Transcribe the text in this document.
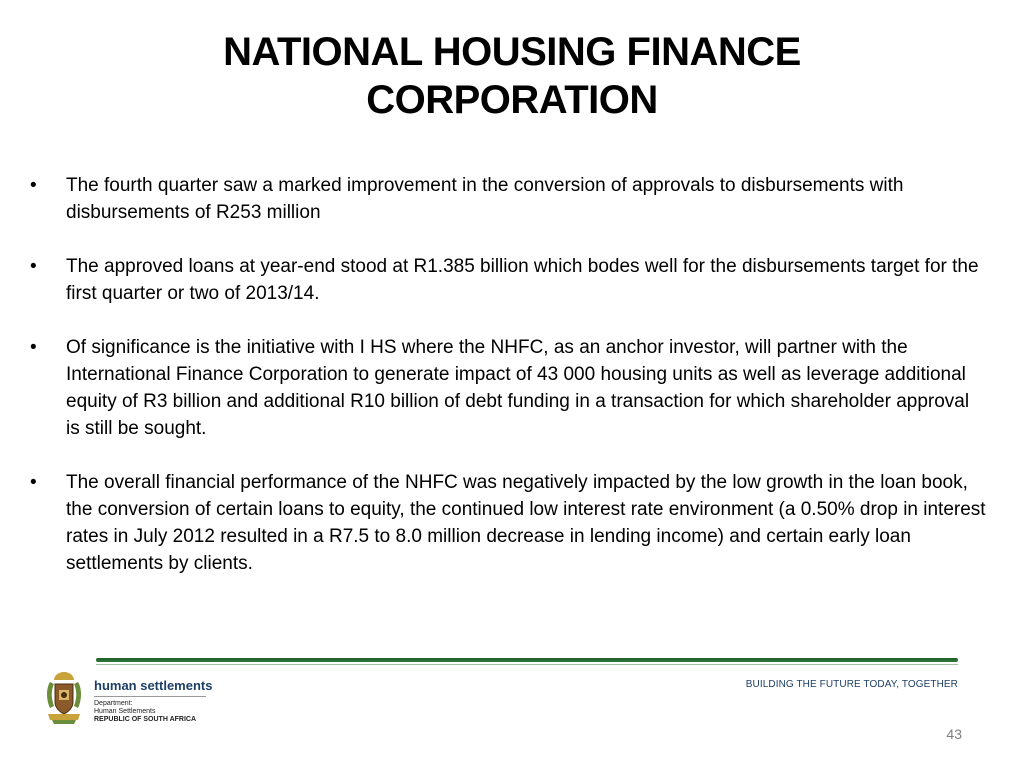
NATIONAL HOUSING FINANCE
CORPORATION
• The fourth quarter saw a marked improvement in the conversion of approvals to disbursements with disbursements of R253 million
• The approved loans at year-end stood at R1.385 billion which bodes well for the disbursements target for the first quarter or two of 2013/14.
• Of significance is the initiative with I HS where the NHFC, as an anchor investor, will partner with the International Finance Corporation to generate impact of 43 000 housing units as well as leverage additional equity of R3 billion and additional R10 billion of debt funding in a transaction for which shareholder approval is still be sought.
• The overall financial performance of the NHFC was negatively impacted by the low growth in the loan book, the conversion of certain loans to equity, the continued low interest rate environment (a 0.50% drop in interest rates in July 2012 resulted in a R7.5 to 8.0 million decrease in lending income) and certain early loan settlements by clients.
human settlements
Department:
Human Settlements
REPUBLIC OF SOUTH AFRICA
BUILDING THE FUTURE TODAY, TOGETHER
43
